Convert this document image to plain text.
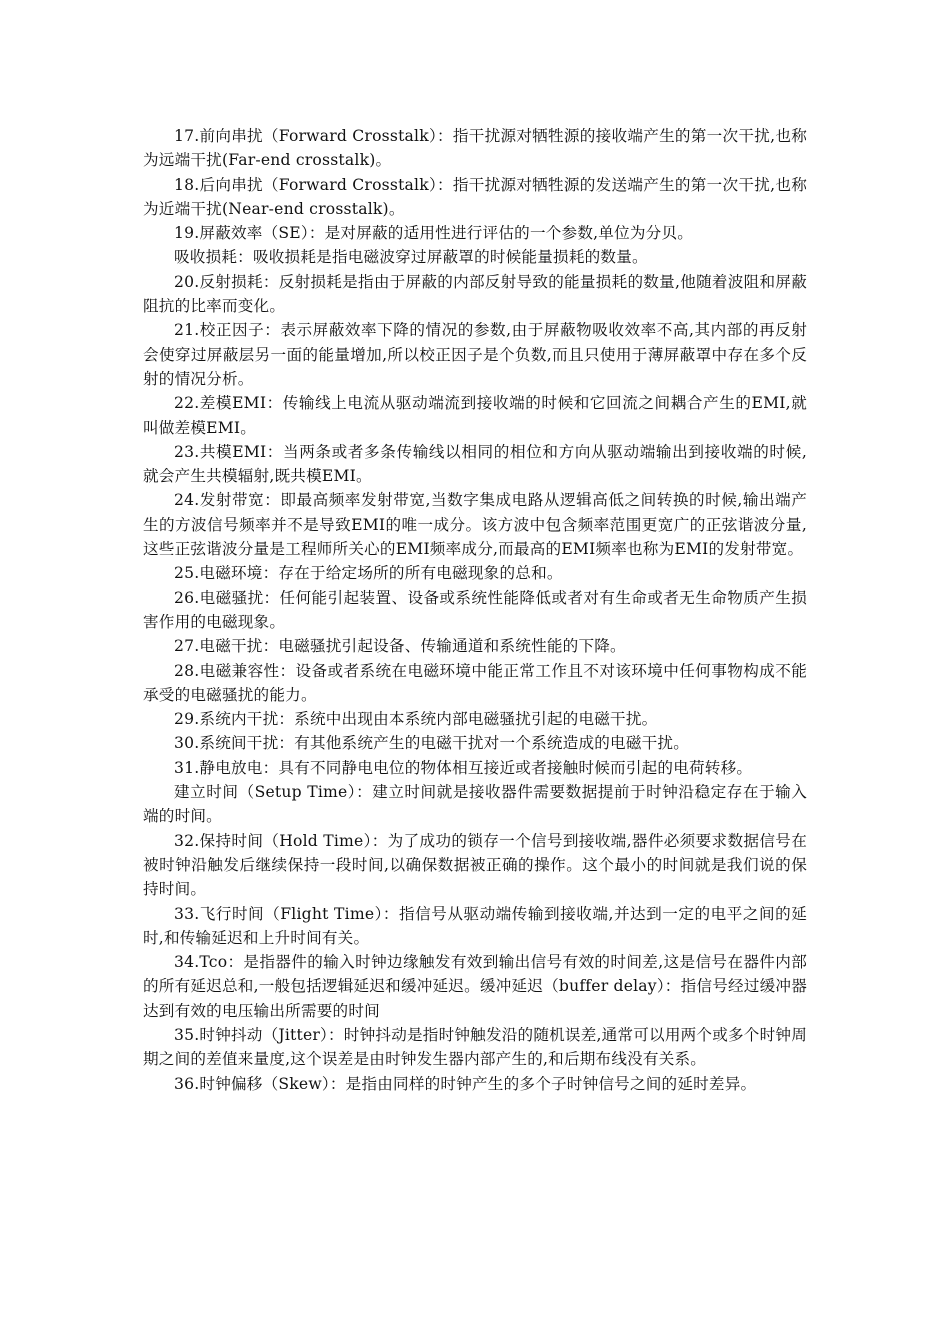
17.前向串扰（Forward Crosstalk）：指干扰源对牺牲源的接收端产生的第一次干扰,也称为远端干扰(Far-end crosstalk)。

18.后向串扰（Forward Crosstalk）：指干扰源对牺牲源的发送端产生的第一次干扰,也称为近端干扰(Near-end crosstalk)。

19.屏蔽效率（SE）：是对屏蔽的适用性进行评估的一个参数,单位为分贝。

吸收损耗：吸收损耗是指电磁波穿过屏蔽罩的时候能量损耗的数量。

20.反射损耗：反射损耗是指由于屏蔽的内部反射导致的能量损耗的数量,他随着波阻和屏蔽阻抗的比率而变化。

21.校正因子：表示屏蔽效率下降的情况的参数,由于屏蔽物吸收效率不高,其内部的再反射会使穿过屏蔽层另一面的能量增加,所以校正因子是个负数,而且只使用于薄屏蔽罩中存在多个反射的情况分析。

22.差模EMI：传输线上电流从驱动端流到接收端的时候和它回流之间耦合产生的EMI,就叫做差模EMI。

23.共模EMI：当两条或者多条传输线以相同的相位和方向从驱动端输出到接收端的时候,就会产生共模辐射,既共模EMI。

24.发射带宽：即最高频率发射带宽,当数字集成电路从逻辑高低之间转换的时候,输出端产生的方波信号频率并不是导致EMI的唯一成分。该方波中包含频率范围更宽广的正弦谐波分量,这些正弦谐波分量是工程师所关心的EMI频率成分,而最高的EMI频率也称为EMI的发射带宽。

25.电磁环境：存在于给定场所的所有电磁现象的总和。

26.电磁骚扰：任何能引起装置、设备或系统性能降低或者对有生命或者无生命物质产生损害作用的电磁现象。

27.电磁干扰：电磁骚扰引起设备、传输通道和系统性能的下降。

28.电磁兼容性：设备或者系统在电磁环境中能正常工作且不对该环境中任何事物构成不能承受的电磁骚扰的能力。

29.系统内干扰：系统中出现由本系统内部电磁骚扰引起的电磁干扰。

30.系统间干扰：有其他系统产生的电磁干扰对一个系统造成的电磁干扰。

31.静电放电：具有不同静电电位的物体相互接近或者接触时候而引起的电荷转移。

建立时间（Setup Time）：建立时间就是接收器件需要数据提前于时钟沿稳定存在于输入端的时间。

32.保持时间（Hold Time）：为了成功的锁存一个信号到接收端,器件必须要求数据信号在被时钟沿触发后继续保持一段时间,以确保数据被正确的操作。这个最小的时间就是我们说的保持时间。

33.飞行时间（Flight Time）：指信号从驱动端传输到接收端,并达到一定的电平之间的延时,和传输延迟和上升时间有关。

34.Tco：是指器件的输入时钟边缘触发有效到输出信号有效的时间差,这是信号在器件内部的所有延迟总和,一般包括逻辑延迟和缓冲延迟。缓冲延迟（buffer delay）：指信号经过缓冲器达到有效的电压输出所需要的时间

35.时钟抖动（Jitter）：时钟抖动是指时钟触发沿的随机误差,通常可以用两个或多个时钟周期之间的差值来量度,这个误差是由时钟发生器内部产生的,和后期布线没有关系。

36.时钟偏移（Skew）：是指由同样的时钟产生的多个子时钟信号之间的延时差异。
